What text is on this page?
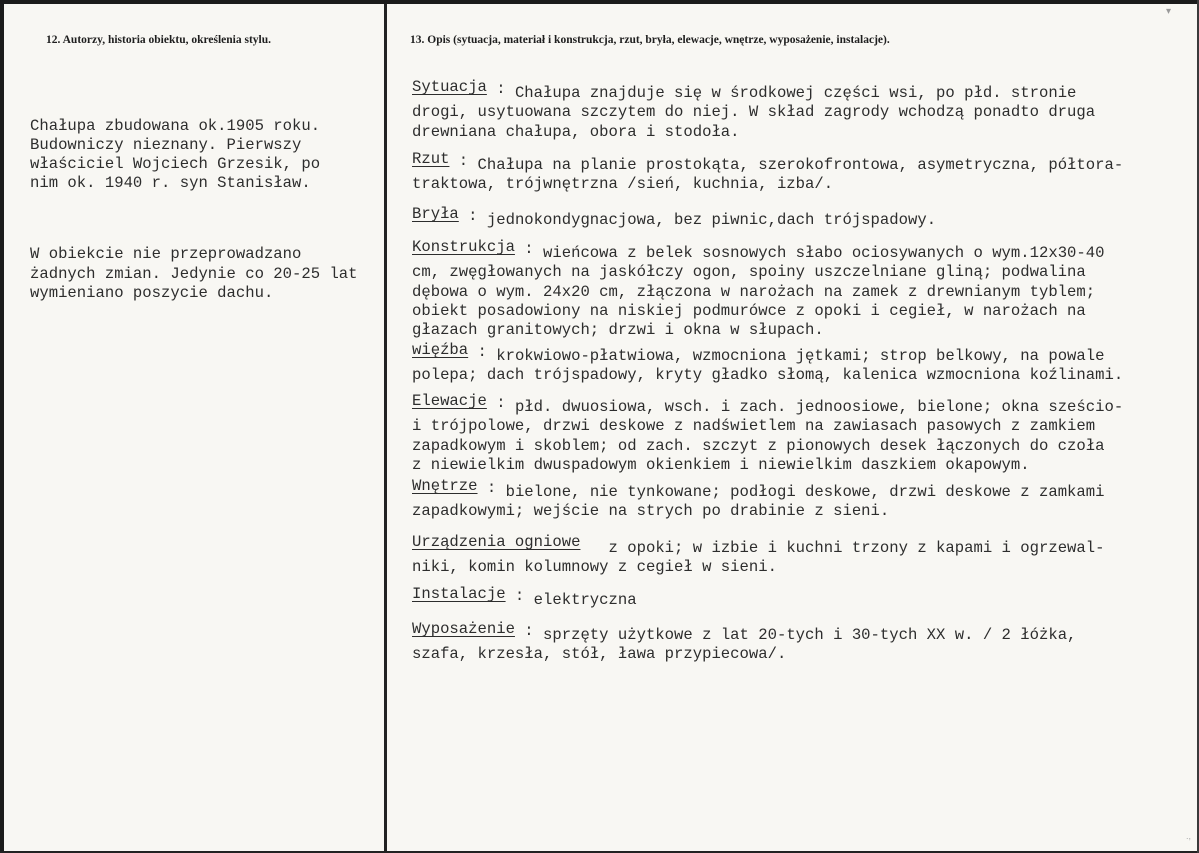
12. Autorzy, historia obiektu, określenia stylu.	13. Opis (sytuacja, materiał i konstrukcja, rzut, bryła, elewacje, wnętrze, wyposażenie, instalacje).

Chałupa zbudowana ok.1905 roku.
Budowniczy nieznany. Pierwszy
właściciel Wojciech Grzesik, po
nim ok. 1940 r. syn Stanisław.

W obiekcie nie przeprowadzano
żadnych zmian. Jedynie co 20-25 lat
wymieniano poszycie dachu.

Sytuacja : Chałupa znajduje się w środkowej części wsi, po płd. stronie
drogi, usytuowana szczytem do niej. W skład zagrody wchodzą ponadto druga
drewniana chałupa, obora i stodoła.
Rzut : Chałupa na planie prostokąta, szerokofrontowa, asymetryczna, półtora-
traktowa, trójwnętrzna /sień, kuchnia, izba/.
Bryła : jednokondygnacjowa, bez piwnic,dach trójspadowy.
Konstrukcja : wieńcowa z belek sosnowych słabo ociosywanych o wym.12x30-40
cm, zwęgłowanych na jaskółczy ogon, spoiny uszczelniane gliną; podwalina
dębowa o wym. 24x20 cm, złączona w narożach na zamek z drewnianym tyblem;
obiekt posadowiony na niskiej podmurówce z opoki i cegieł, w narożach na
głazach granitowych; drzwi i okna w słupach.
więźba : krokwiowo-płatwiowa, wzmocniona jętkami; strop belkowy, na powale
polepa; dach trójspadowy, kryty gładko słomą, kalenica wzmocniona koźlinami.
Elewacje : płd. dwuosiowa, wsch. i zach. jednoosiowe, bielone; okna sześcio-
i trójpolowe, drzwi deskowe z nadświetlem na zawiasach pasowych z zamkiem
zapadkowym i skoblem; od zach. szczyt z pionowych desek łączonych do czoła
z niewielkim dwuspadowym okienkiem i niewielkim daszkiem okapowym.
Wnętrze : bielone, nie tynkowane; podłogi deskowe, drzwi deskowe z zamkami
zapadkowymi; wejście na strych po drabinie z sieni.
Urządzenia ogniowe z opoki; w izbie i kuchni trzony z kapami i ogrzewal-
niki, komin kolumnowy z cegieł w sieni.
Instalacje : elektryczna
Wyposażenie : sprzęty użytkowe z lat 20-tych i 30-tych XX w. / 2 łóżka,
szafa, krzesła, stół, ława przypiecowa/.
▾
.,
